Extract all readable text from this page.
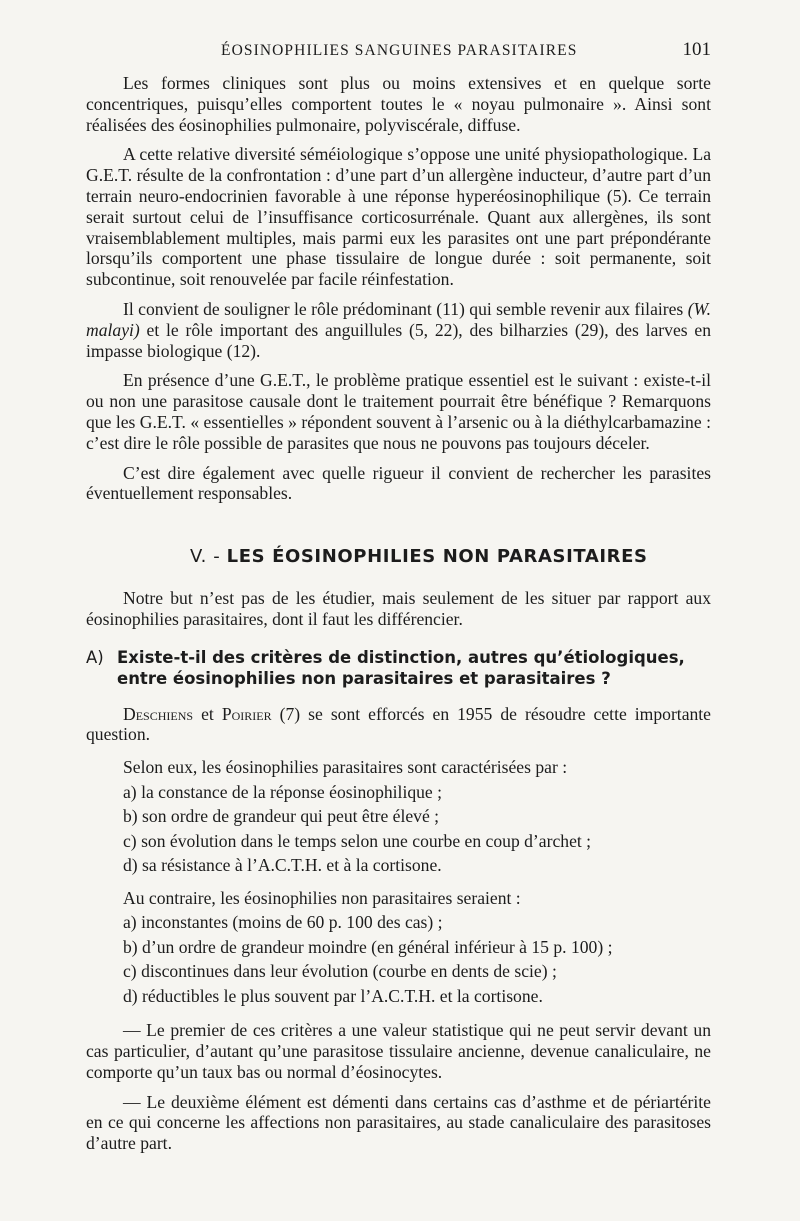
ÉOSINOPHILIES SANGUINES PARASITAIRES	101

Les formes cliniques sont plus ou moins extensives et en quelque sorte concentriques, puisqu’elles comportent toutes le « noyau pulmonaire ». Ainsi sont réalisées des éosinophilies pulmonaire, polyviscérale, diffuse.

A cette relative diversité séméiologique s’oppose une unité physiopathologique. La G.E.T. résulte de la confrontation : d’une part d’un allergène inducteur, d’autre part d’un terrain neuro-endocrinien favorable à une réponse hyperéosinophilique (5). Ce terrain serait surtout celui de l’insuffisance corticosurrénale. Quant aux allergènes, ils sont vraisemblablement multiples, mais parmi eux les parasites ont une part prépondérante lorsqu’ils comportent une phase tissulaire de longue durée : soit permanente, soit subcontinue, soit renouvelée par facile réinfestation.

Il convient de souligner le rôle prédominant (11) qui semble revenir aux filaires (W. malayi) et le rôle important des anguillules (5, 22), des bilharzies (29), des larves en impasse biologique (12).

En présence d’une G.E.T., le problème pratique essentiel est le suivant : existe-t-il ou non une parasitose causale dont le traitement pourrait être bénéfique ? Remarquons que les G.E.T. « essentielles » répondent souvent à l’arsenic ou à la diéthylcarbamazine : c’est dire le rôle possible de parasites que nous ne pouvons pas toujours déceler.

C’est dire également avec quelle rigueur il convient de rechercher les parasites éventuellement responsables.

V. - LES ÉOSINOPHILIES NON PARASITAIRES

Notre but n’est pas de les étudier, mais seulement de les situer par rapport aux éosinophilies parasitaires, dont il faut les différencier.

A) Existe-t-il des critères de distinction, autres qu’étiologiques, entre éosinophilies non parasitaires et parasitaires ?

Deschiens et Poirier (7) se sont efforcés en 1955 de résoudre cette importante question.

Selon eux, les éosinophilies parasitaires sont caractérisées par :

a) la constance de la réponse éosinophilique ;

b) son ordre de grandeur qui peut être élevé ;

c) son évolution dans le temps selon une courbe en coup d’archet ;

d) sa résistance à l’A.C.T.H. et à la cortisone.

Au contraire, les éosinophilies non parasitaires seraient :

a) inconstantes (moins de 60 p. 100 des cas) ;

b) d’un ordre de grandeur moindre (en général inférieur à 15 p. 100) ;

c) discontinues dans leur évolution (courbe en dents de scie) ;

d) réductibles le plus souvent par l’A.C.T.H. et la cortisone.

— Le premier de ces critères a une valeur statistique qui ne peut servir devant un cas particulier, d’autant qu’une parasitose tissulaire ancienne, devenue canaliculaire, ne comporte qu’un taux bas ou normal d’éosinocytes.

— Le deuxième élément est démenti dans certains cas d’asthme et de périartérite en ce qui concerne les affections non parasitaires, au stade canaliculaire des parasitoses d’autre part.
